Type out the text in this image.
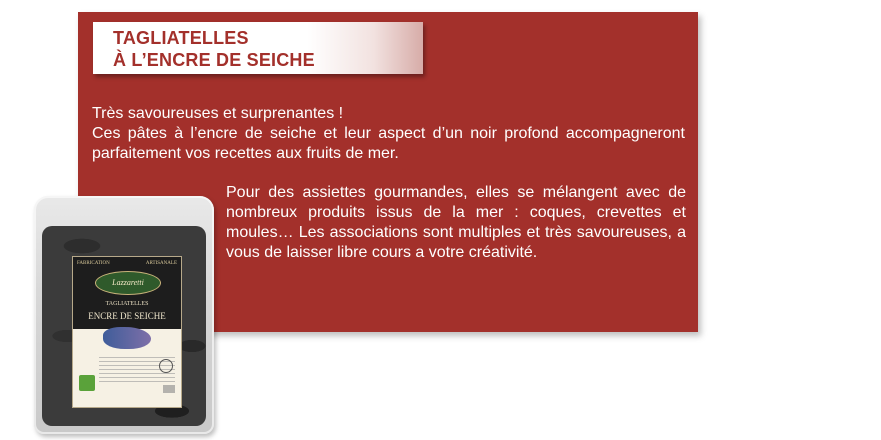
TAGLIATELLES
À L’ENCRE DE SEICHE
Très savoureuses et surprenantes !
Ces pâtes à l’encre de seiche et leur aspect d’un noir profond accompagneront parfaitement vos recettes aux fruits de mer.
Pour des assiettes gourmandes, elles se mélangent avec de nombreux produits issus de la mer : coques, crevettes et moules… Les associations sont multiples et très savoureuses, a vous de laisser libre cours a votre créativité.
FABRICATION	ARTISANALE
Lazzaretti
TAGLIATELLES
ENCRE DE SEICHE
